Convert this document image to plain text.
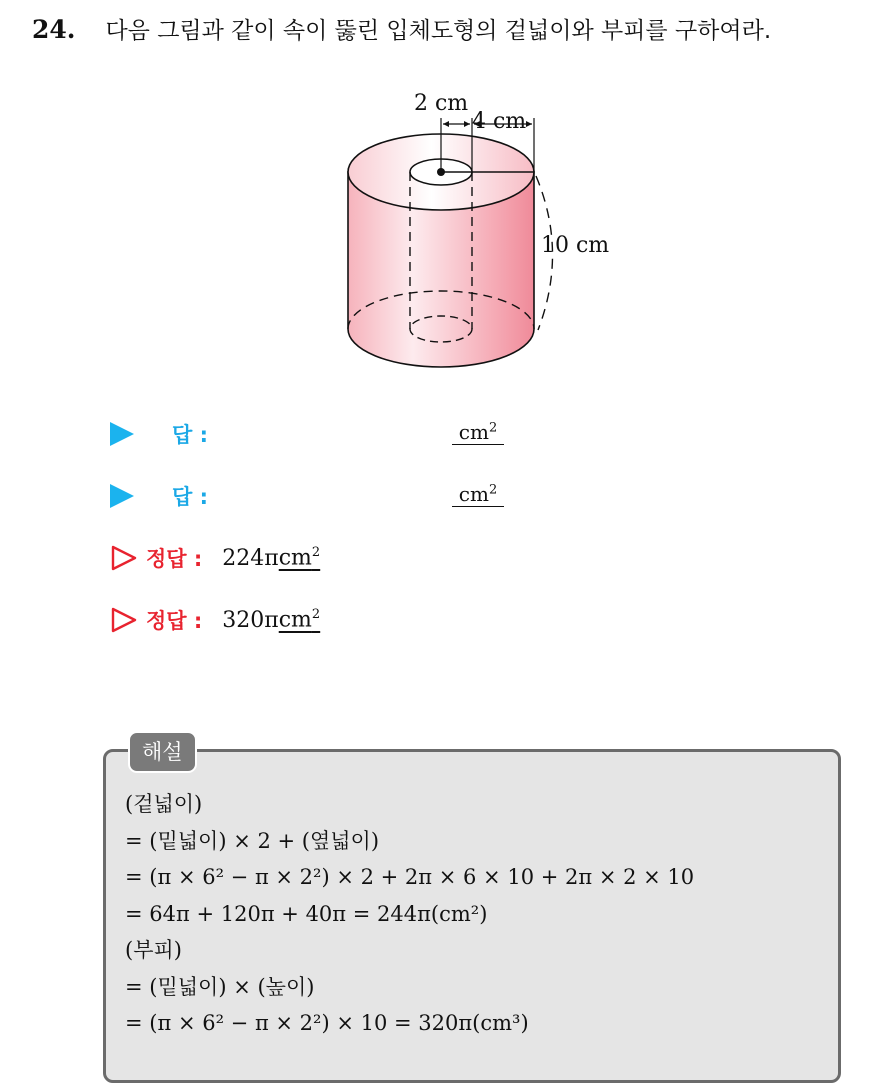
24. 다음 그림과 같이 속이 뚫린 입체도형의 겉넓이와 부피를 구하여라.
2 cm
4 cm
10 cm
답 :	$cm^2$
답 :	$cm^2$
정답 : 224π $cm^2$
정답 : 320π $cm^2$
해설
(겉넓이)
= (밑넓이) × 2 + (옆넓이)
= (π × 6² − π × 2²) × 2 + 2π × 6 × 10 + 2π × 2 × 10
= 64π + 120π + 40π = 244π(cm²)
(부피)
= (밑넓이) × (높이)
= (π × 6² − π × 2²) × 10 = 320π(cm³)
